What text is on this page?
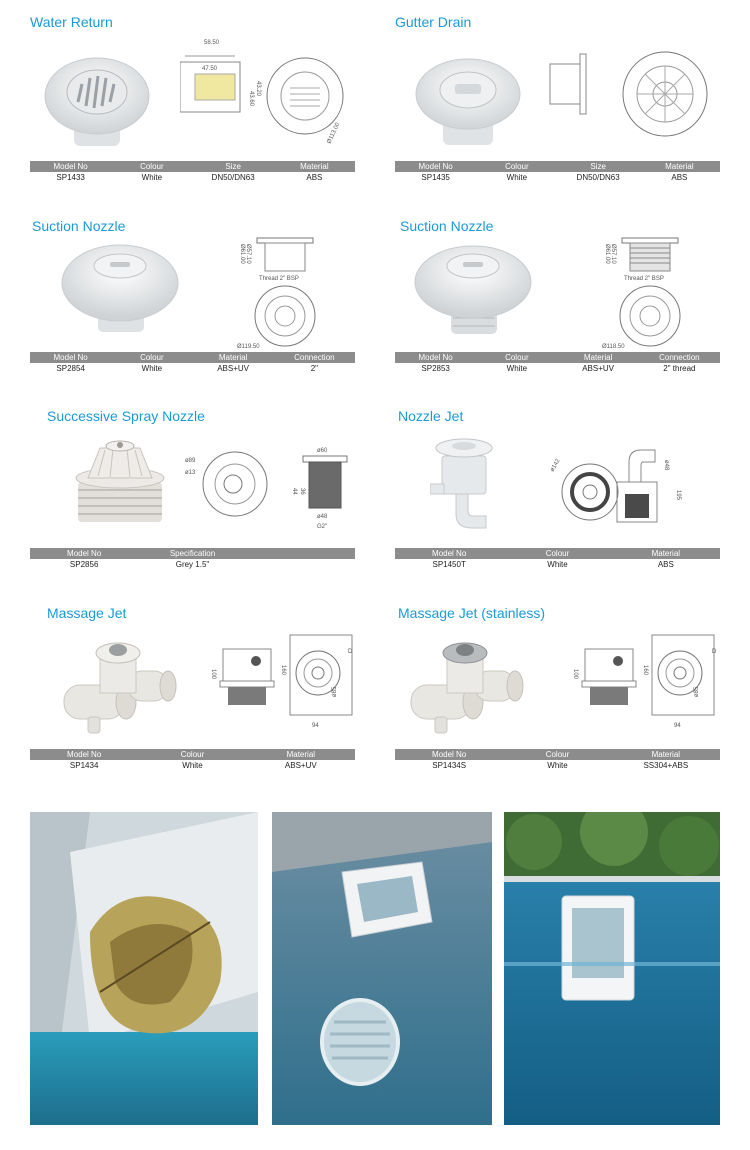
Water Return
58.50
47.50
43.60
43.20
Ø113.00
Model No	Colour	Size	Material
SP1433	White	DN50/DN63	ABS
Gutter Drain
Model No	Colour	Size	Material
SP1435	White	DN50/DN63	ABS
Suction Nozzle
Ø61.00 Ø57.10
Thread 2" BSP
Ø119.50
Model No	Colour	Material	Connection
SP2854	White	ABS+UV	2"
Suction Nozzle
Ø61.00 Ø57.10
Thread 2" BSP
Ø118.50
Model No	Colour	Material	Connection
SP2853	White	ABS+UV	2" thread
Successive Spray Nozzle
ø89
ø13
ø60
44 36
ø48
G2"
Model No	Specification
SP2856	Grey 1.5"
Nozzle Jet
ø142	ø48
195
Model No	Colour	Material
SP1450T	White	ABS
Massage Jet
100	160
ø85
94
D
Model No	Colour	Material
SP1434	White	ABS+UV
Massage Jet (stainless)
100	160
ø85
94
D
Model No	Colour	Material
SP1434S	White	SS304+ABS
